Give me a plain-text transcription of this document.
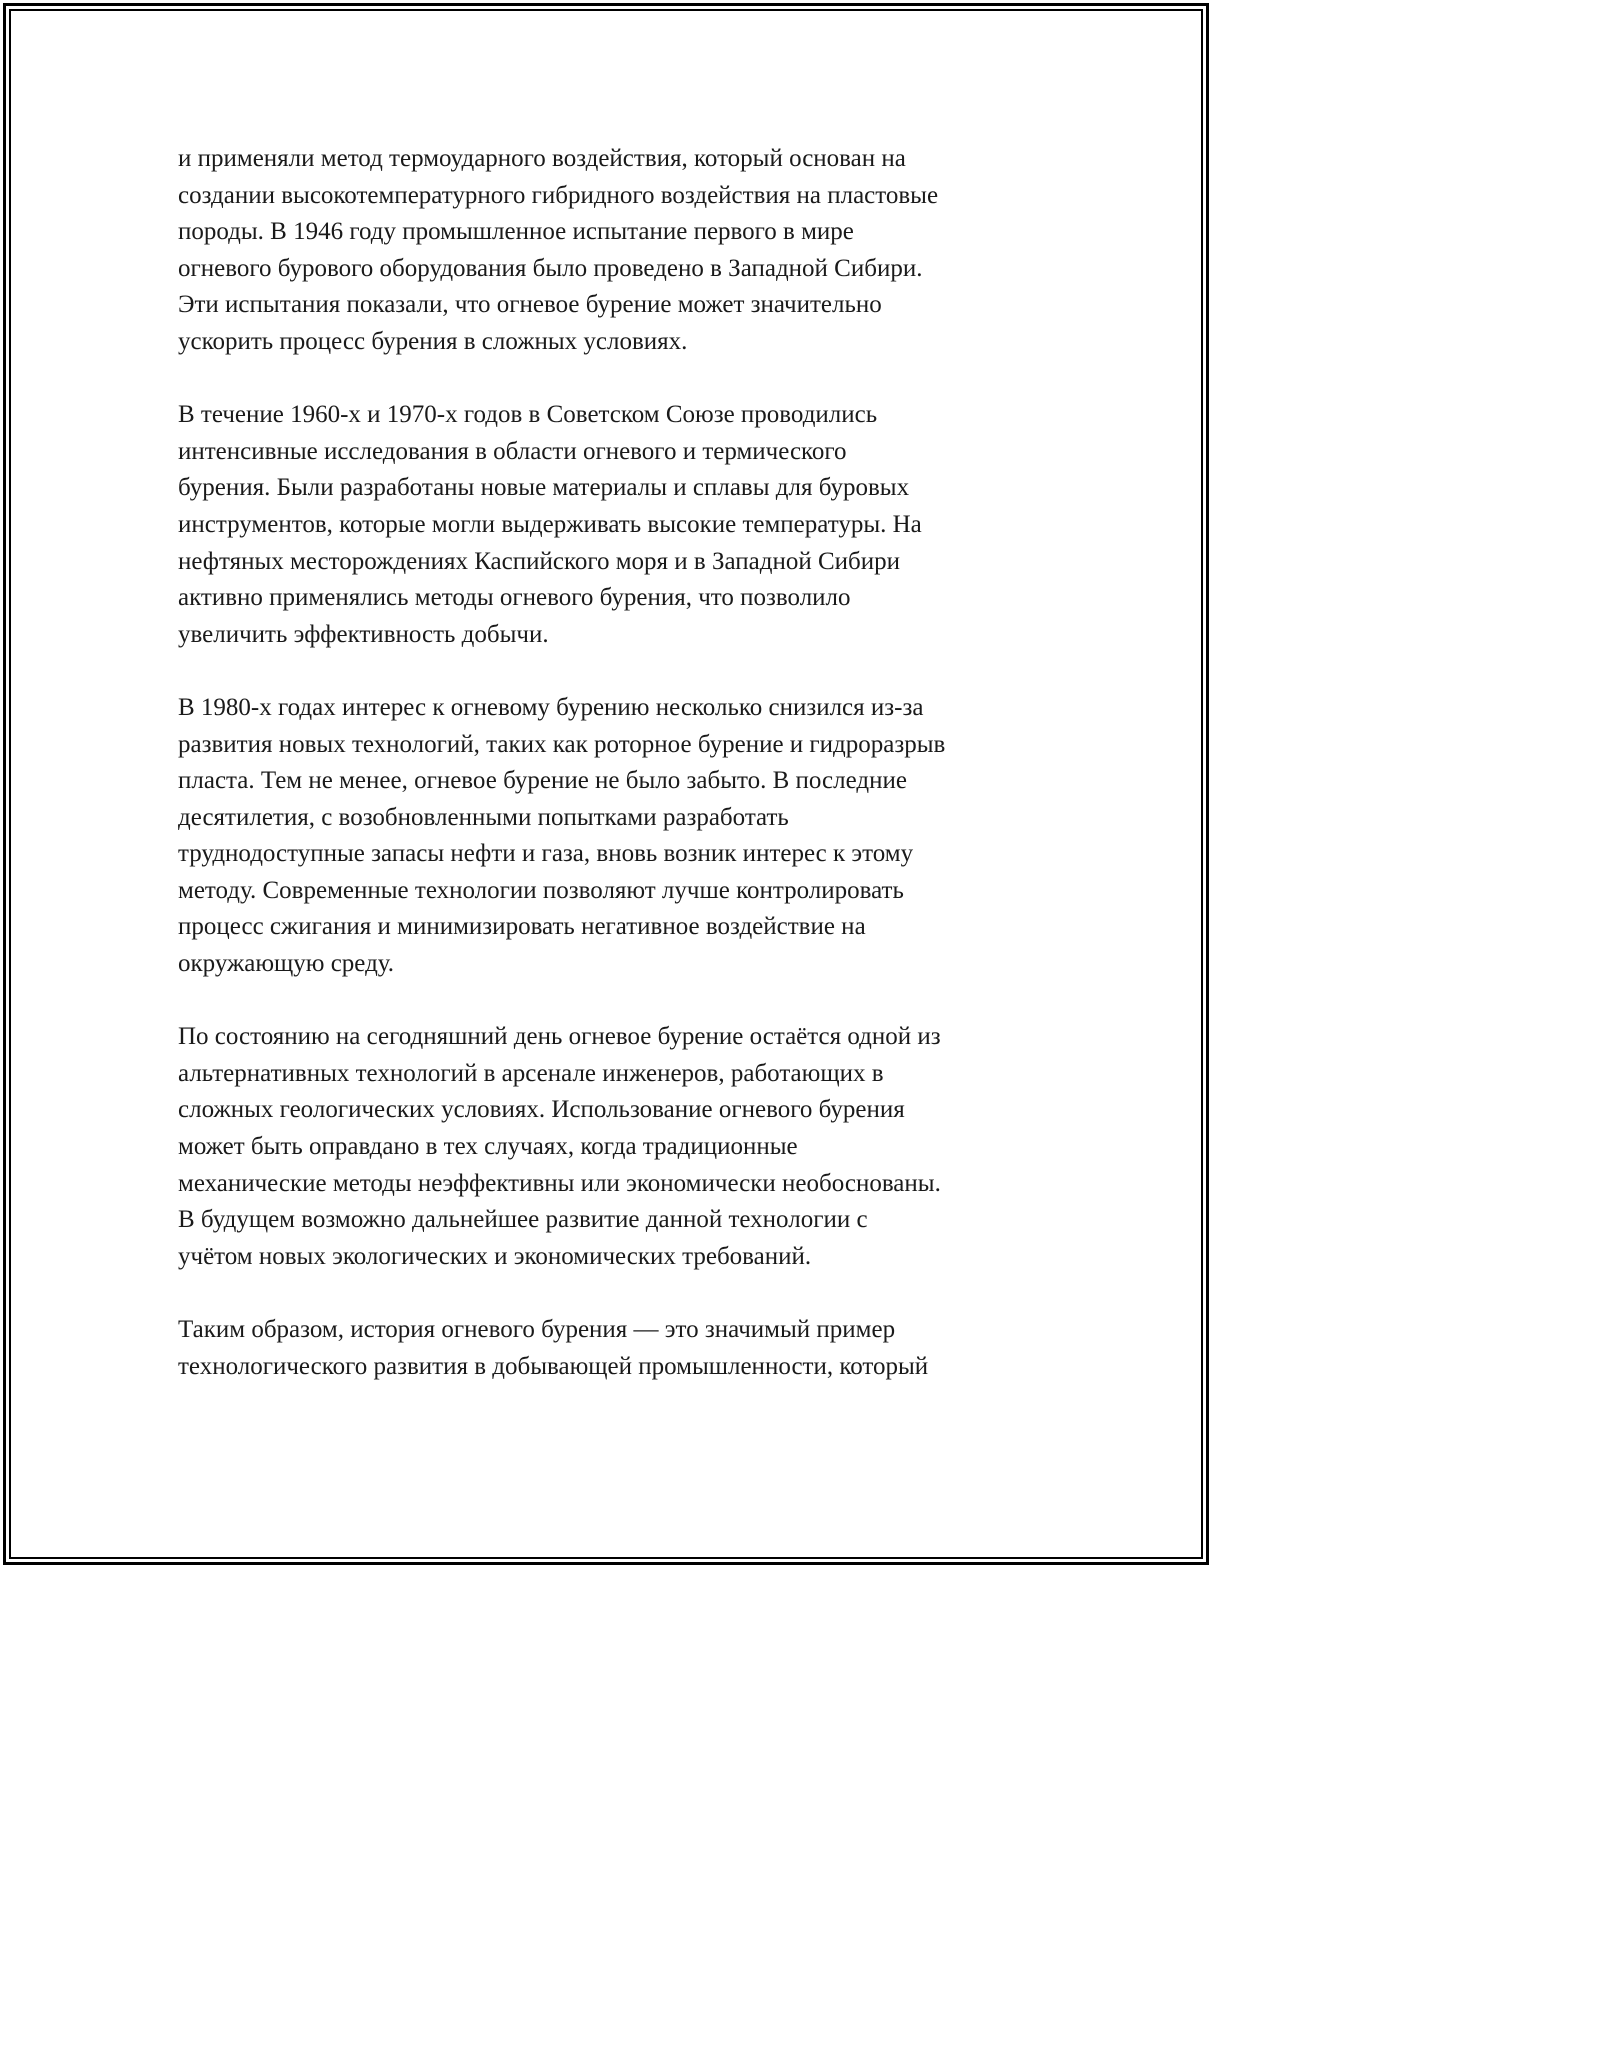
и применяли метод термоударного воздействия, который основан на
создании высокотемпературного гибридного воздействия на пластовые
породы. В 1946 году промышленное испытание первого в мире
огневого бурового оборудования было проведено в Западной Сибири.
Эти испытания показали, что огневое бурение может значительно
ускорить процесс бурения в сложных условиях.

В течение 1960-х и 1970-х годов в Советском Союзе проводились
интенсивные исследования в области огневого и термического
бурения. Были разработаны новые материалы и сплавы для буровых
инструментов, которые могли выдерживать высокие температуры. На
нефтяных месторождениях Каспийского моря и в Западной Сибири
активно применялись методы огневого бурения, что позволило
увеличить эффективность добычи.

В 1980-х годах интерес к огневому бурению несколько снизился из-за
развития новых технологий, таких как роторное бурение и гидроразрыв
пласта. Тем не менее, огневое бурение не было забыто. В последние
десятилетия, с возобновленными попытками разработать
труднодоступные запасы нефти и газа, вновь возник интерес к этому
методу. Современные технологии позволяют лучше контролировать
процесс сжигания и минимизировать негативное воздействие на
окружающую среду.

По состоянию на сегодняшний день огневое бурение остаётся одной из
альтернативных технологий в арсенале инженеров, работающих в
сложных геологических условиях. Использование огневого бурения
может быть оправдано в тех случаях, когда традиционные
механические методы неэффективны или экономически необоснованы.
В будущем возможно дальнейшее развитие данной технологии с
учётом новых экологических и экономических требований.

Таким образом, история огневого бурения — это значимый пример
технологического развития в добывающей промышленности, который
